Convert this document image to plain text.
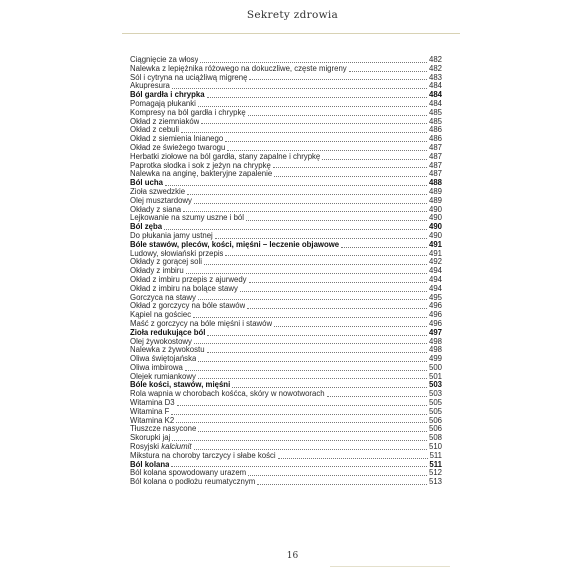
Sekrety zdrowia
Ciągnięcie za włosy	482
Nalewka z lepiężnika różowego na dokuczliwe, częste migreny	482
Sól i cytryna na uciążliwą migrenę	483
Akupresura	484
Ból gardła i chrypka	484
Pomagają płukanki	484
Kompresy na ból gardła i chrypkę	485
Okład z ziemniaków	485
Okład z cebuli	486
Okład z siemienia lnianego	486
Okład ze świeżego twarogu	487
Herbatki ziołowe na ból gardła, stany zapalne i chrypkę	487
Paprotka słodka i sok z jeżyn na chrypkę	487
Nalewka na anginę, bakteryjne zapalenie	487
Ból ucha	488
Zioła szwedzkie	489
Olej musztardowy	489
Okłady z siana	490
Lejkowanie na szumy uszne i ból	490
Ból zęba	490
Do płukania jamy ustnej	490
Bóle stawów, pleców, kości, mięśni – leczenie objawowe	491
Ludowy, słowiański przepis	491
Okłady z gorącej soli	492
Okłady z imbiru	494
Okład z imbiru przepis z ajurwedy	494
Okład z imbiru na bolące stawy	494
Gorczyca na stawy	495
Okład z gorczycy na bóle stawów	496
Kąpiel na gościec	496
Maść z gorczycy na bóle mięśni i stawów	496
Zioła redukujące ból	497
Olej żywokostowy	498
Nalewka z żywokostu	498
Oliwa świętojańska	499
Oliwa imbirowa	500
Olejek rumiankowy	501
Bóle kości, stawów, mięśni	503
Rola wapnia w chorobach kośćca, skóry w nowotworach	503
Witamina D3	505
Witamina F	505
Witamina K2	506
Tłuszcze nasycone	506
Skorupki jaj	508
Rosyjski kalciumit	510
Mikstura na choroby tarczycy i słabe kości	511
Ból kolana	511
Ból kolana spowodowany urazem	512
Ból kolana o podłożu reumatycznym	513
16
